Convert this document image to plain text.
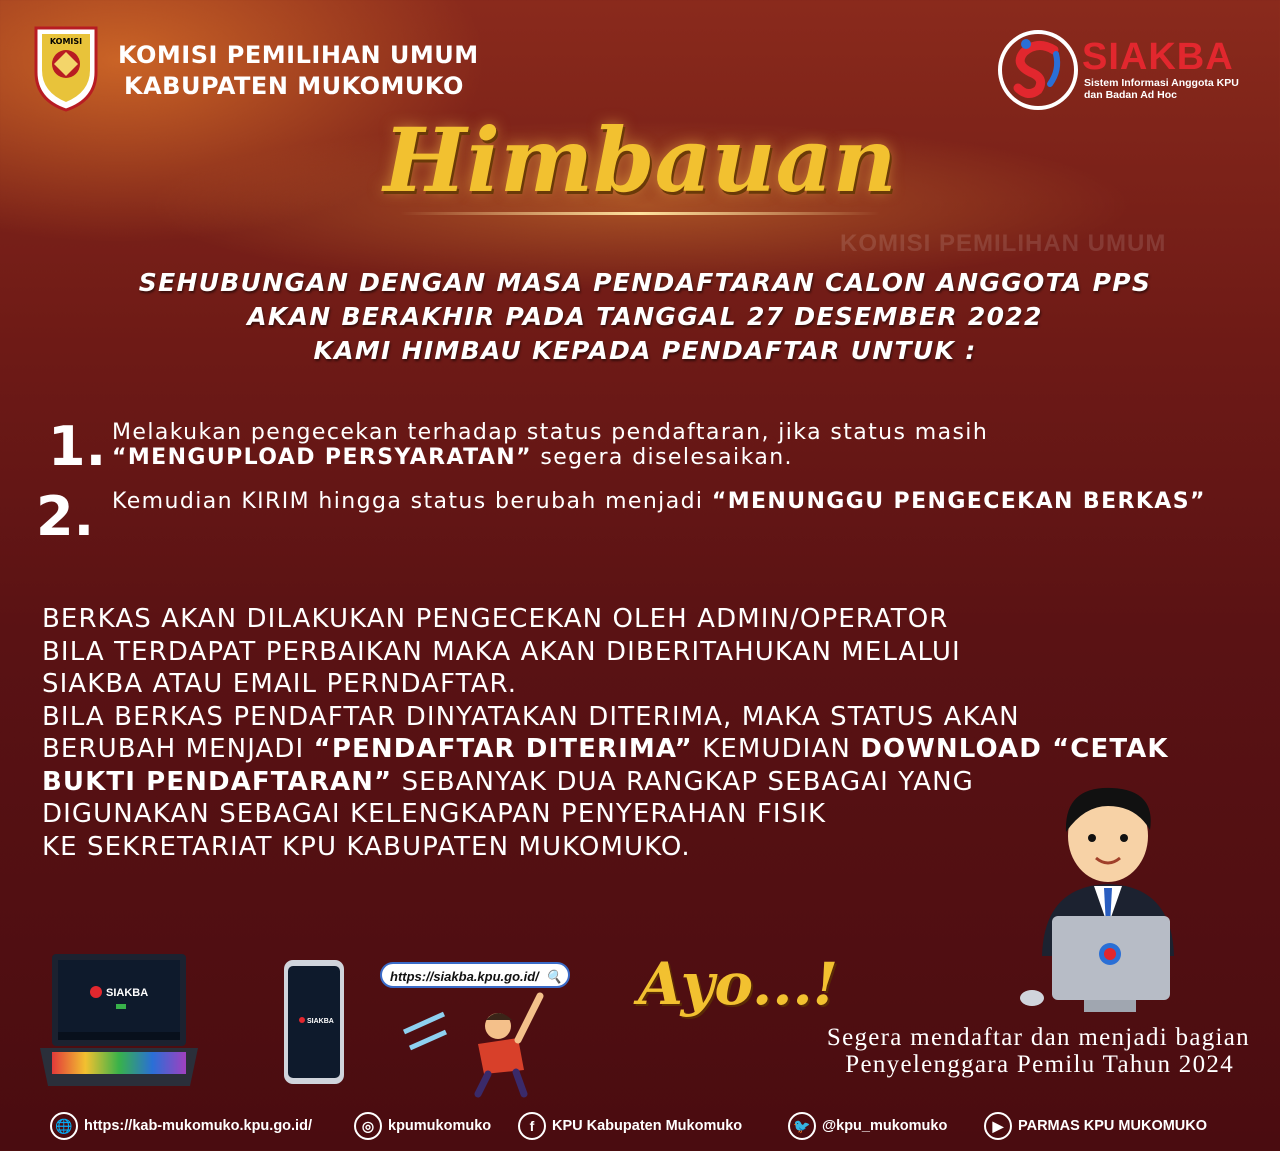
KOMISI KOMISI PEMILIHAN UMUM
KABUPATEN MUKOMUKO
SIAKBA
Sistem Informasi Anggota KPU
dan Badan Ad Hoc
KOMISI PEMILIHAN UMUM
Himbauan
SEHUBUNGAN DENGAN MASA PENDAFTARAN CALON ANGGOTA PPS
AKAN BERAKHIR PADA TANGGAL 27 DESEMBER 2022
KAMI HIMBAU KEPADA PENDAFTAR UNTUK :
1. Melakukan pengecekan terhadap status pendaftaran, jika status masih
“MENGUPLOAD PERSYARATAN” segera diselesaikan.
2. Kemudian KIRIM hingga status berubah menjadi “MENUNGGU PENGECEKAN BERKAS”
BERKAS AKAN DILAKUKAN PENGECEKAN OLEH ADMIN/OPERATOR
BILA TERDAPAT PERBAIKAN MAKA AKAN DIBERITAHUKAN MELALUI
SIAKBA ATAU EMAIL PERNDAFTAR.
BILA BERKAS PENDAFTAR DINYATAKAN DITERIMA, MAKA STATUS AKAN
BERUBAH MENJADI “PENDAFTAR DITERIMA” KEMUDIAN DOWNLOAD “CETAK
BUKTI PENDAFTARAN” SEBANYAK DUA RANGKAP SEBAGAI YANG
DIGUNAKAN SEBAGAI KELENGKAPAN PENYERAHAN FISIK
KE SEKRETARIAT KPU KABUPATEN MUKOMUKO.
SIAKBA
SIAKBA
https://siakba.kpu.go.id/ 🔍 Ayo...!
Segera mendaftar dan menjadi bagian
Penyelenggara Pemilu Tahun 2024
🌐 https://kab-mukomuko.kpu.go.id/	◎ kpumukomuko	f	KPU Kabupaten Mukomuko	🐦 @kpu_mukomuko	▶	PARMAS KPU MUKOMUKO
